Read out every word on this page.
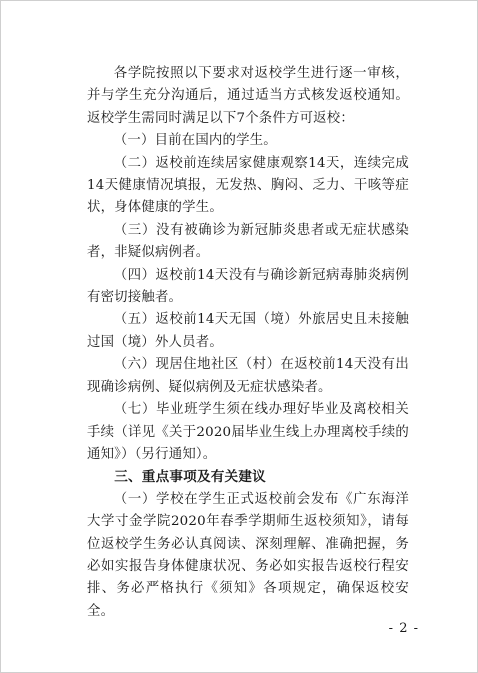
各学院按照以下要求对返校学生进行逐一审核，并与学生充分沟通后，通过适当方式核发返校通知。返校学生需同时满足以下7个条件方可返校：

（一）目前在国内的学生。

（二）返校前连续居家健康观察14天，连续完成14天健康情况填报，无发热、胸闷、乏力、干咳等症状，身体健康的学生。

（三）没有被确诊为新冠肺炎患者或无症状感染者，非疑似病例者。

（四）返校前14天没有与确诊新冠病毒肺炎病例有密切接触者。

（五）返校前14天无国（境）外旅居史且未接触过国（境）外人员者。

（六）现居住地社区（村）在返校前14天没有出现确诊病例、疑似病例及无症状感染者。

（七）毕业班学生须在线办理好毕业及离校相关手续（详见《关于2020届毕业生线上办理离校手续的通知》）（另行通知）。

三、重点事项及有关建议

（一）学校在学生正式返校前会发布《广东海洋大学寸金学院2020年春季学期师生返校须知》，请每位返校学生务必认真阅读、深刻理解、准确把握，务必如实报告身体健康状况、务必如实报告返校行程安排、务必严格执行《须知》各项规定，确保返校安全。

- 2 -
